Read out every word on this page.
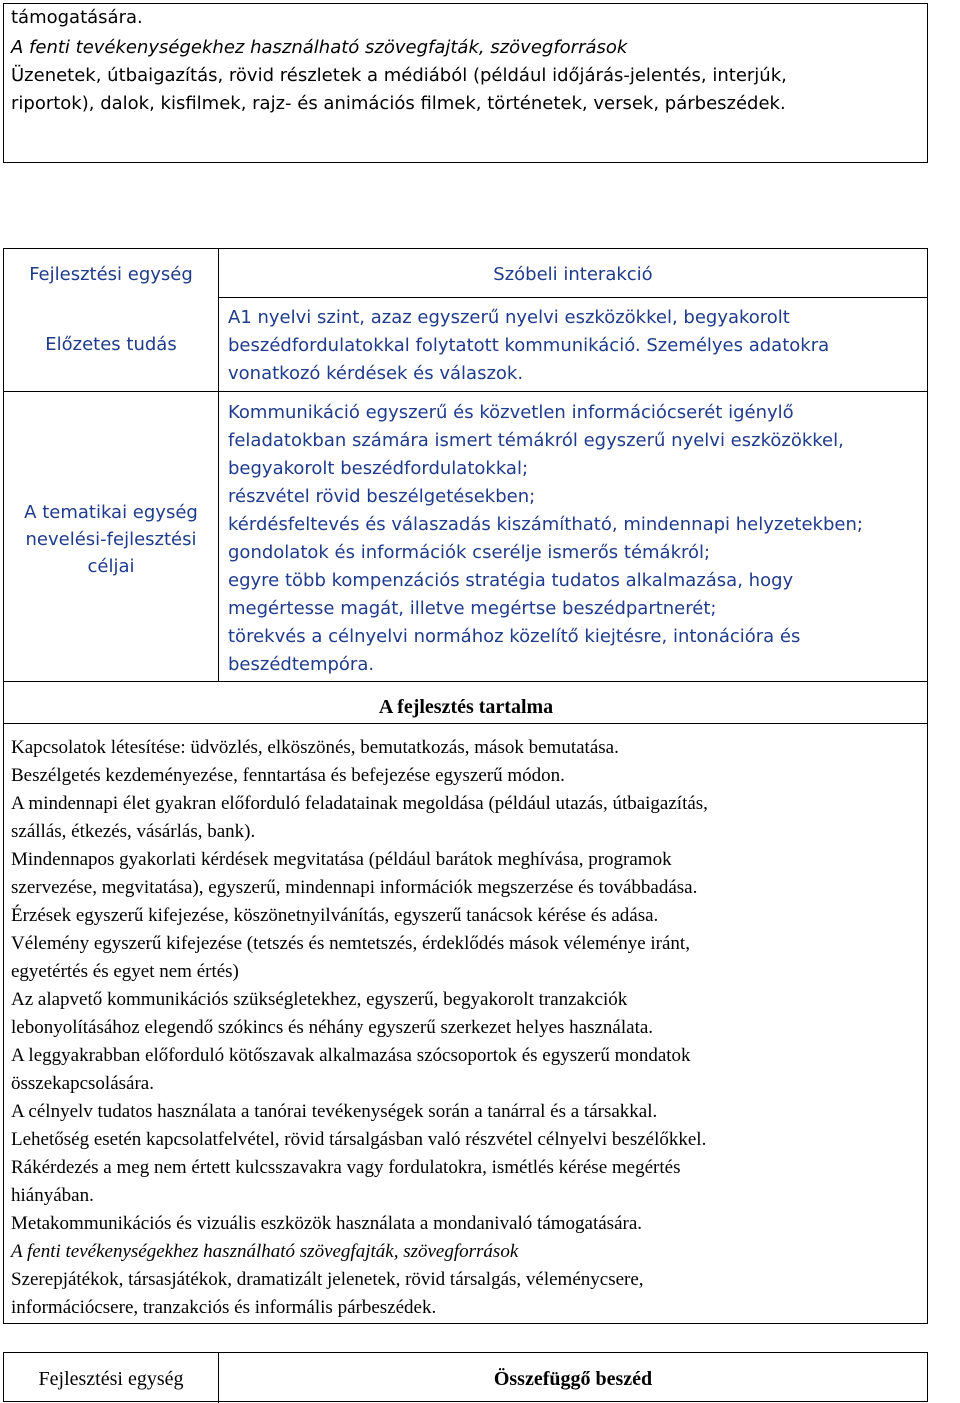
támogatására.
A fenti tevékenységekhez használható szövegfajták, szövegforrások
Üzenetek, útbaigazítás, rövid részletek a médiából (például időjárás-jelentés, interjúk,
riportok), dalok, kisfilmek, rajz- és animációs filmek, történetek, versek, párbeszédek.
Fejlesztési egység	Szóbeli interakció
Előzetes tudás
A1 nyelvi szint, azaz egyszerű nyelvi eszközökkel, begyakorolt
beszédfordulatokkal folytatott kommunikáció. Személyes adatokra
vonatkozó kérdések és válaszok.
A tematikai egység
nevelési-fejlesztési
céljai
Kommunikáció egyszerű és közvetlen információcserét igénylő
feladatokban számára ismert témákról egyszerű nyelvi eszközökkel,
begyakorolt beszédfordulatokkal;
részvétel rövid beszélgetésekben;
kérdésfeltevés és válaszadás kiszámítható, mindennapi helyzetekben;
gondolatok és információk cserélje ismerős témákról;
egyre több kompenzációs stratégia tudatos alkalmazása, hogy
megértesse magát, illetve megértse beszédpartnerét;
törekvés a célnyelvi normához közelítő kiejtésre, intonációra és
beszédtempóra.
A fejlesztés tartalma
Kapcsolatok létesítése: üdvözlés, elköszönés, bemutatkozás, mások bemutatása.
Beszélgetés kezdeményezése, fenntartása és befejezése egyszerű módon.
A mindennapi élet gyakran előforduló feladatainak megoldása (például utazás, útbaigazítás,
szállás, étkezés, vásárlás, bank).
Mindennapos gyakorlati kérdések megvitatása (például barátok meghívása, programok
szervezése, megvitatása), egyszerű, mindennapi információk megszerzése és továbbadása.
Érzések egyszerű kifejezése, köszönetnyilvánítás, egyszerű tanácsok kérése és adása.
Vélemény egyszerű kifejezése (tetszés és nemtetszés, érdeklődés mások véleménye iránt,
egyetértés és egyet nem értés)
Az alapvető kommunikációs szükségletekhez, egyszerű, begyakorolt tranzakciók
lebonyolításához elegendő szókincs és néhány egyszerű szerkezet helyes használata.
A leggyakrabban előforduló kötőszavak alkalmazása szócsoportok és egyszerű mondatok
összekapcsolására.
A célnyelv tudatos használata a tanórai tevékenységek során a tanárral és a társakkal.
Lehetőség esetén kapcsolatfelvétel, rövid társalgásban való részvétel célnyelvi beszélőkkel.
Rákérdezés a meg nem értett kulcsszavakra vagy fordulatokra, ismétlés kérése megértés
hiányában.
Metakommunikációs és vizuális eszközök használata a mondanivaló támogatására.
A fenti tevékenységekhez használható szövegfajták, szövegforrások
Szerepjátékok, társasjátékok, dramatizált jelenetek, rövid társalgás, véleménycsere,
információcsere, tranzakciós és informális párbeszédek.
Fejlesztési egység	Összefüggő beszéd
